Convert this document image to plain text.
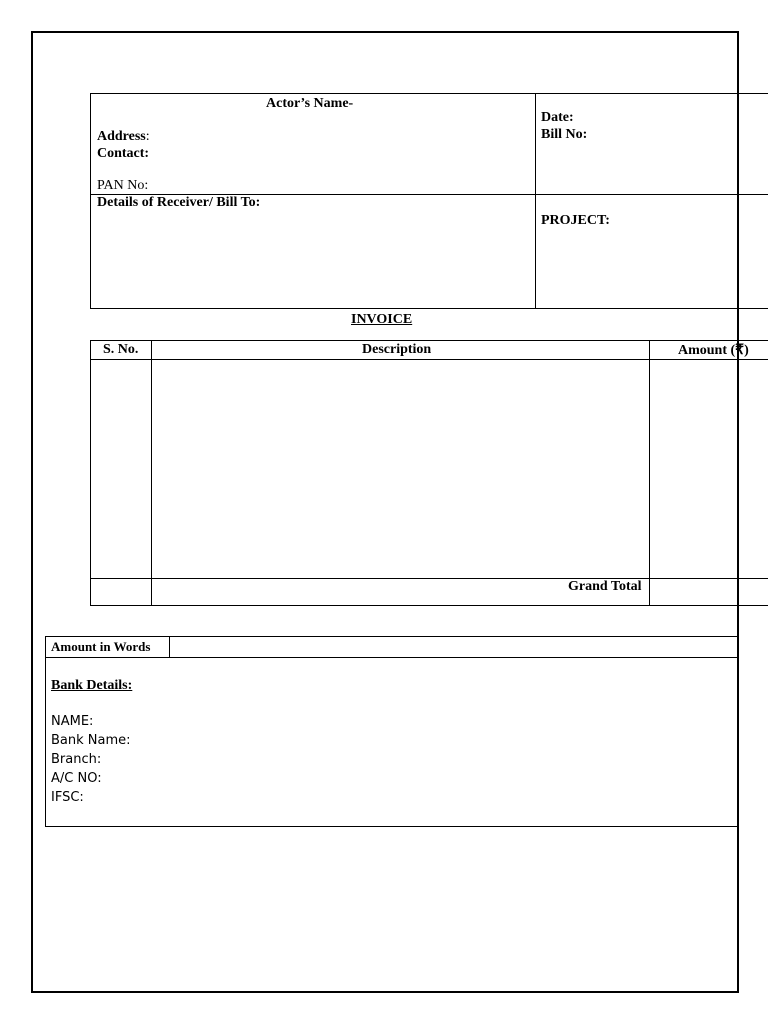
Actor’s Name-
Address:
Contact:
PAN No:
Details of Receiver/ Bill To:
Date:
Bill No:
PROJECT:
INVOICE
S. No.	Description	Amount (₹)
Grand Total
Amount in Words
Bank Details:
NAME:
Bank Name:
Branch:
A/C NO:
IFSC:
